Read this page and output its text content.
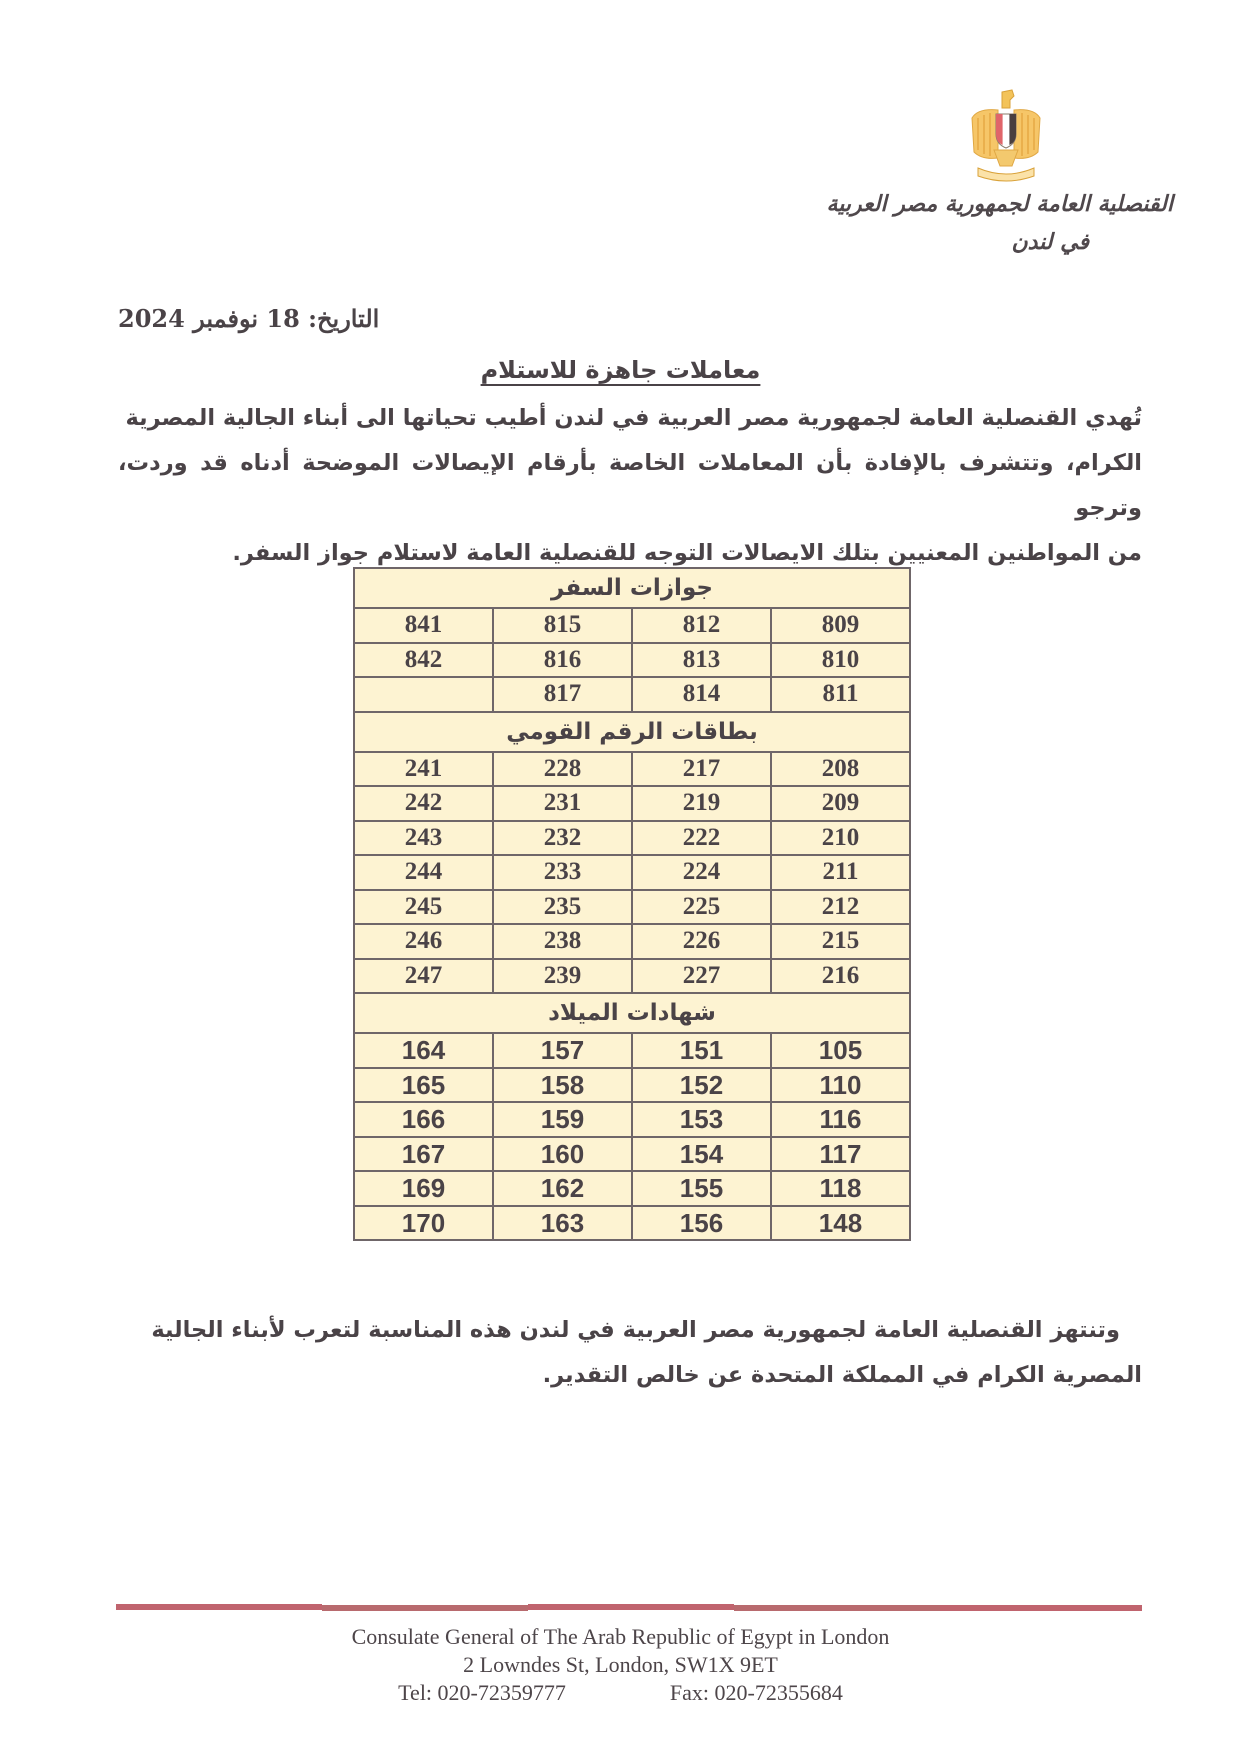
القنصلية العامة لجمهورية مصر العربية
في لندن
التاريخ: 18 نوفمبر 2024
معاملات جاهزة للاستلام
تُهدي القنصلية العامة لجمهورية مصر العربية في لندن أطيب تحياتها الى أبناء الجالية المصرية
الكرام، وتتشرف بالإفادة بأن المعاملات الخاصة بأرقام الإيصالات الموضحة أدناه قد وردت، وترجو
من المواطنين المعنيين بتلك الايصالات التوجه للقنصلية العامة لاستلام جواز السفر.
جوازات السفر			
809	812	815	841
810	813	816	842
811	814	817	
بطاقات الرقم القومي			
208	217	228	241
209	219	231	242
210	222	232	243
211	224	233	244
212	225	235	245
215	226	238	246
216	227	239	247
شهادات الميلاد			
105	151	157	164
110	152	158	165
116	153	159	166
117	154	160	167
118	155	162	169
148	156	163	170
وتنتهز القنصلية العامة لجمهورية مصر العربية في لندن هذه المناسبة لتعرب لأبناء الجالية
المصرية الكرام في المملكة المتحدة عن خالص التقدير.
Consulate General of The Arab Republic of Egypt in London
2 Lowndes St, London, SW1X 9ET
Tel: 020-72359777	Fax: 020-72355684
